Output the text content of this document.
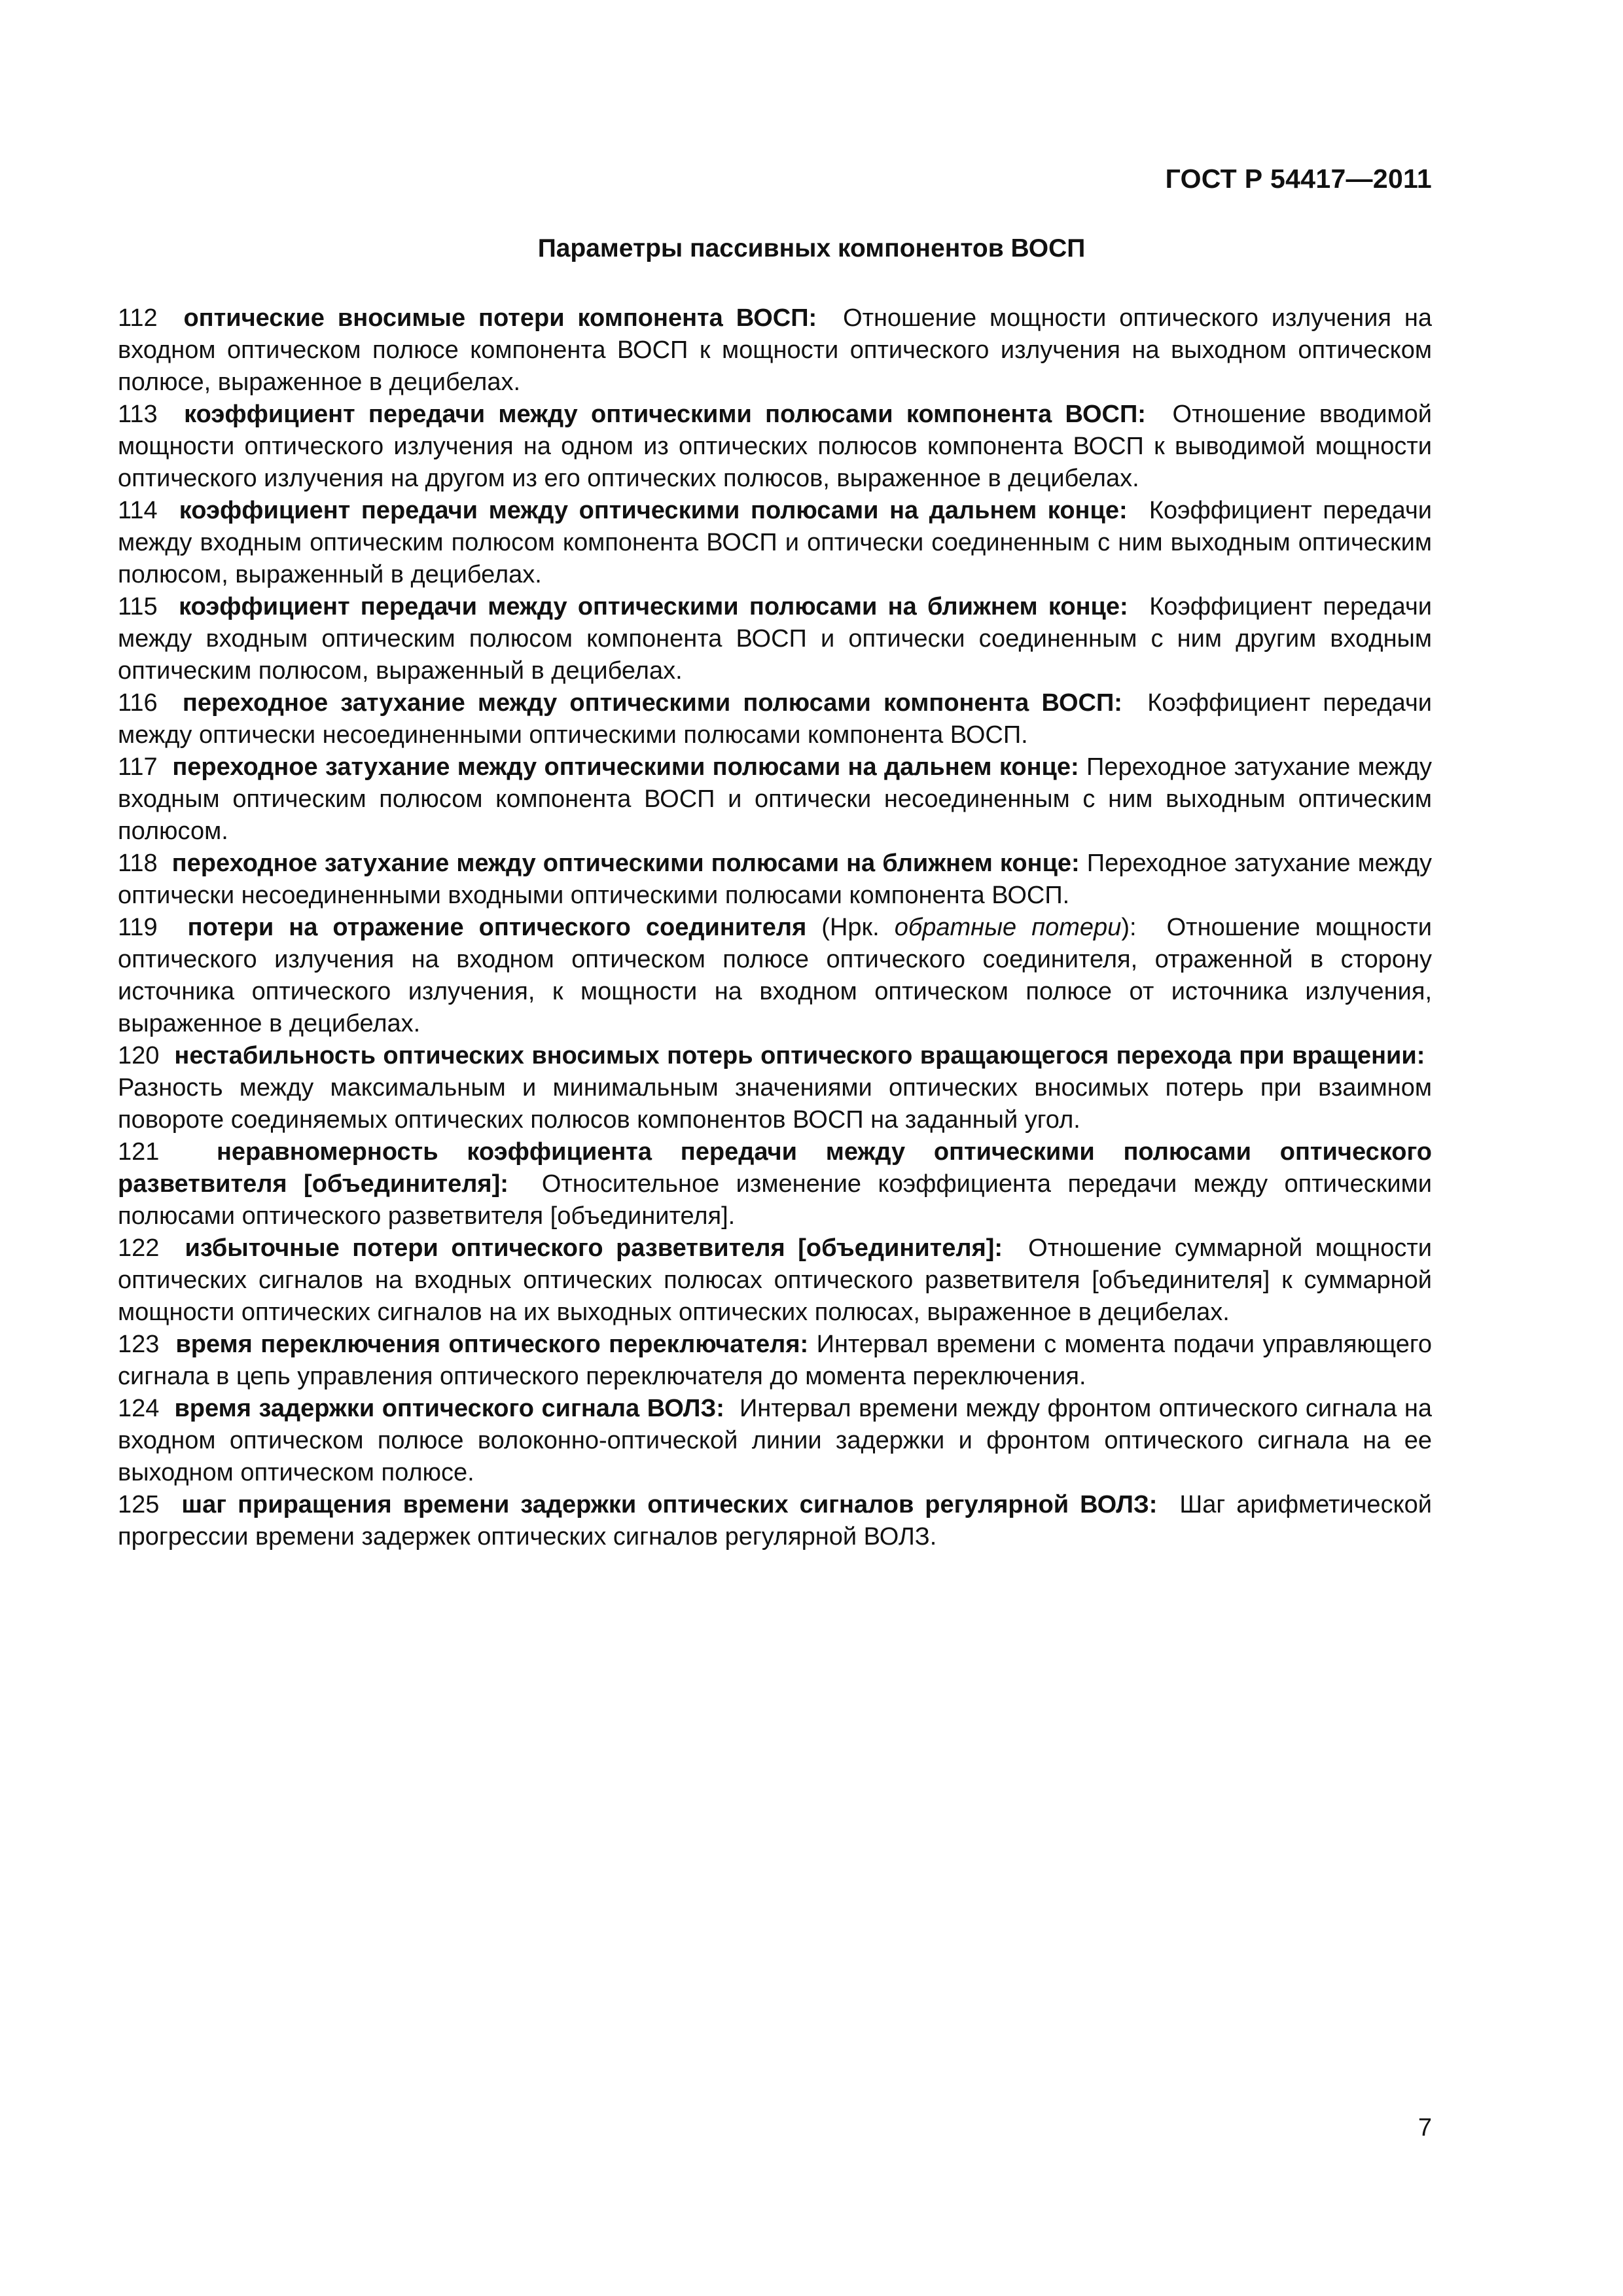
ГОСТ Р 54417—2011
Параметры пассивных компонентов ВОСП

112 оптические вносимые потери компонента ВОСП: Отношение мощности оптического излучения на входном оптическом полюсе компонента ВОСП к мощности оптического излучения на выходном оптическом полюсе, выраженное в децибелах.

113 коэффициент передачи между оптическими полюсами компонента ВОСП: Отношение вводимой мощности оптического излучения на одном из оптических полюсов компонента ВОСП к выводимой мощности оптического излучения на другом из его оптических полюсов, выраженное в децибелах.

114 коэффициент передачи между оптическими полюсами на дальнем конце: Коэффициент передачи между входным оптическим полюсом компонента ВОСП и оптически соединенным с ним выходным оптическим полюсом, выраженный в децибелах.

115 коэффициент передачи между оптическими полюсами на ближнем конце: Коэффициент передачи между входным оптическим полюсом компонента ВОСП и оптически соединенным с ним другим входным оптическим полюсом, выраженный в децибелах.

116 переходное затухание между оптическими полюсами компонента ВОСП: Коэффициент передачи между оптически несоединенными оптическими полюсами компонента ВОСП.

117 переходное затухание между оптическими полюсами на дальнем конце: Переходное затухание между входным оптическим полюсом компонента ВОСП и оптически несоединенным с ним выходным оптическим полюсом.

118 переходное затухание между оптическими полюсами на ближнем конце: Переходное затухание между оптически несоединенными входными оптическими полюсами компонента ВОСП.

119 потери на отражение оптического соединителя (Нрк. обратные потери): Отношение мощности оптического излучения на входном оптическом полюсе оптического соединителя, отраженной в сторону источника оптического излучения, к мощности на входном оптическом полюсе от источника излучения, выраженное в децибелах.

120 нестабильность оптических вносимых потерь оптического вращающегося перехода при вращении:  Разность между максимальным и минимальным значениями оптических вносимых потерь при взаимном повороте соединяемых оптических полюсов компонентов ВОСП на заданный угол.

121 неравномерность коэффициента передачи между оптическими полюсами оптического разветвителя [объединителя]: Относительное изменение коэффициента передачи между оптическими полюсами оптического разветвителя [объединителя].

122 избыточные потери оптического разветвителя [объединителя]: Отношение суммарной мощности оптических сигналов на входных оптических полюсах оптического разветвителя [объединителя] к суммарной мощности оптических сигналов на их выходных оптических полюсах, выраженное в децибелах.

123 время переключения оптического переключателя: Интервал времени с момента подачи управляющего сигнала в цепь управления оптического переключателя до момента переключения.

124 время задержки оптического сигнала ВОЛЗ: Интервал времени между фронтом оптического сигнала на входном оптическом полюсе волоконно-оптической линии задержки и фронтом оптического сигнала на ее выходном оптическом полюсе.

125 шаг приращения времени задержки оптических сигналов регулярной ВОЛЗ: Шаг арифметической прогрессии времени задержек оптических сигналов регулярной ВОЛЗ.

7
